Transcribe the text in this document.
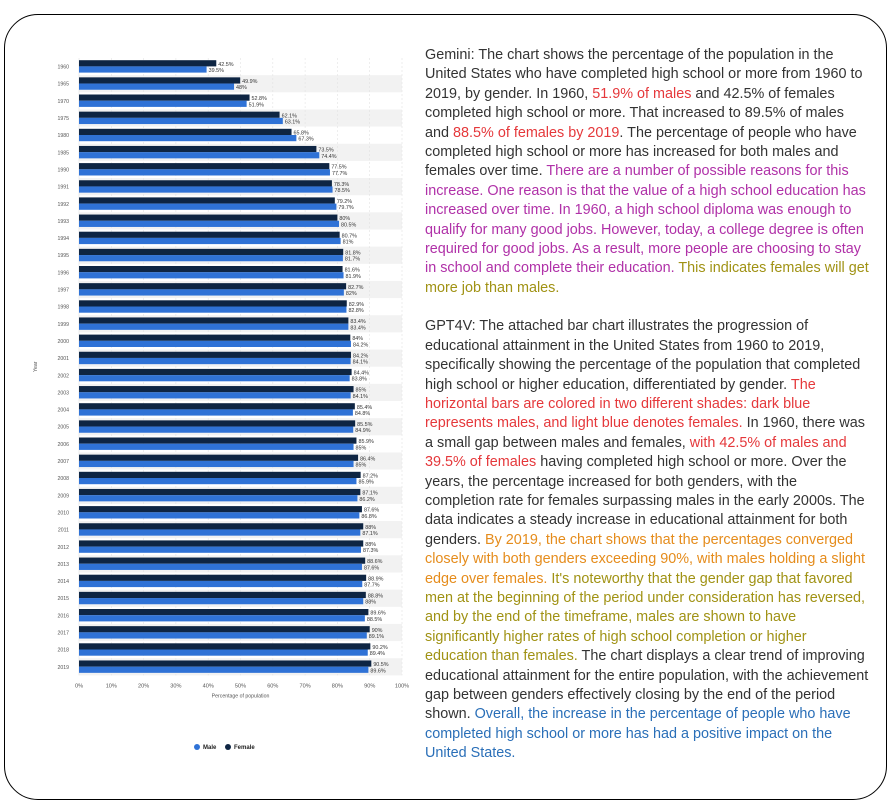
42.5%
39.5%
1960
49.9%
48%
1965
52.8%
51.9%
1970
62.1%
63.1%
1975
65.8%
67.3%
1980
73.5%
74.4%
1985
77.5%
77.7%
1990
78.3%
78.5%
1991
79.2%
79.7%
1992
80%
80.5%
1993
80.7%
81%
1994
81.8%
81.7%
1995
81.6%
81.9%
1996
82.7%
82%
1997
82.9%
82.8%
1998
83.4%
83.4%
1999
84%
84.2%
2000
84.2%
84.1%
2001
84.4%
83.8%
2002
85%
84.1%
2003
85.4%
84.8%
2004
85.5%
84.9%
2005
85.9%
85%
2006
86.4%
85%
2007
87.2%
85.9%
2008
87.1%
86.2%
2009
87.6%
86.8%
2010
88%
87.1%
2011
88%
87.3%
2012
88.6%
87.6%
2013
88.9%
87.7%
2014
88.8%
88%
2015
89.6%
88.5%
2016
90%
89.1%
2017
90.2%
89.4%
2018
90.5%
89.6%
2019
0%	10%	20%	30%	40%	50%	60%	70%	80%	90%	100%
Percentage of population
Year
Male	Female

Gemini: The chart shows the percentage of the population in the United States who have completed high school or more from 1960 to 2019, by gender. In 1960, 51.9% of males and 42.5% of females completed high school or more. That increased to 89.5% of males and 88.5% of females by 2019. The percentage of people who have completed high school or more has increased for both males and females over time. There are a number of possible reasons for this increase. One reason is that the value of a high school education has increased over time. In 1960, a high school diploma was enough to qualify for many good jobs. However, today, a college degree is often required for good jobs. As a result, more people are choosing to stay in school and complete their education. This indicates females will get more job than males.

GPT4V: The attached bar chart illustrates the progression of educational attainment in the United States from 1960 to 2019, specifically showing the percentage of the population that completed high school or higher education, differentiated by gender. The horizontal bars are colored in two different shades: dark blue represents males, and light blue denotes females. In 1960, there was a small gap between males and females, with 42.5% of males and 39.5% of females having completed high school or more. Over the years, the percentage increased for both genders, with the completion rate for females surpassing males in the early 2000s. The data indicates a steady increase in educational attainment for both genders. By 2019, the chart shows that the percentages converged closely with both genders exceeding 90%, with males holding a slight edge over females. It's noteworthy that the gender gap that favored men at the beginning of the period under consideration has reversed, and by the end of the timeframe, males are shown to have significantly higher rates of high school completion or higher education than females. The chart displays a clear trend of improving educational attainment for the entire population, with the achievement gap between genders effectively closing by the end of the period shown. Overall, the increase in the percentage of people who have completed high school or more has had a positive impact on the United States.
